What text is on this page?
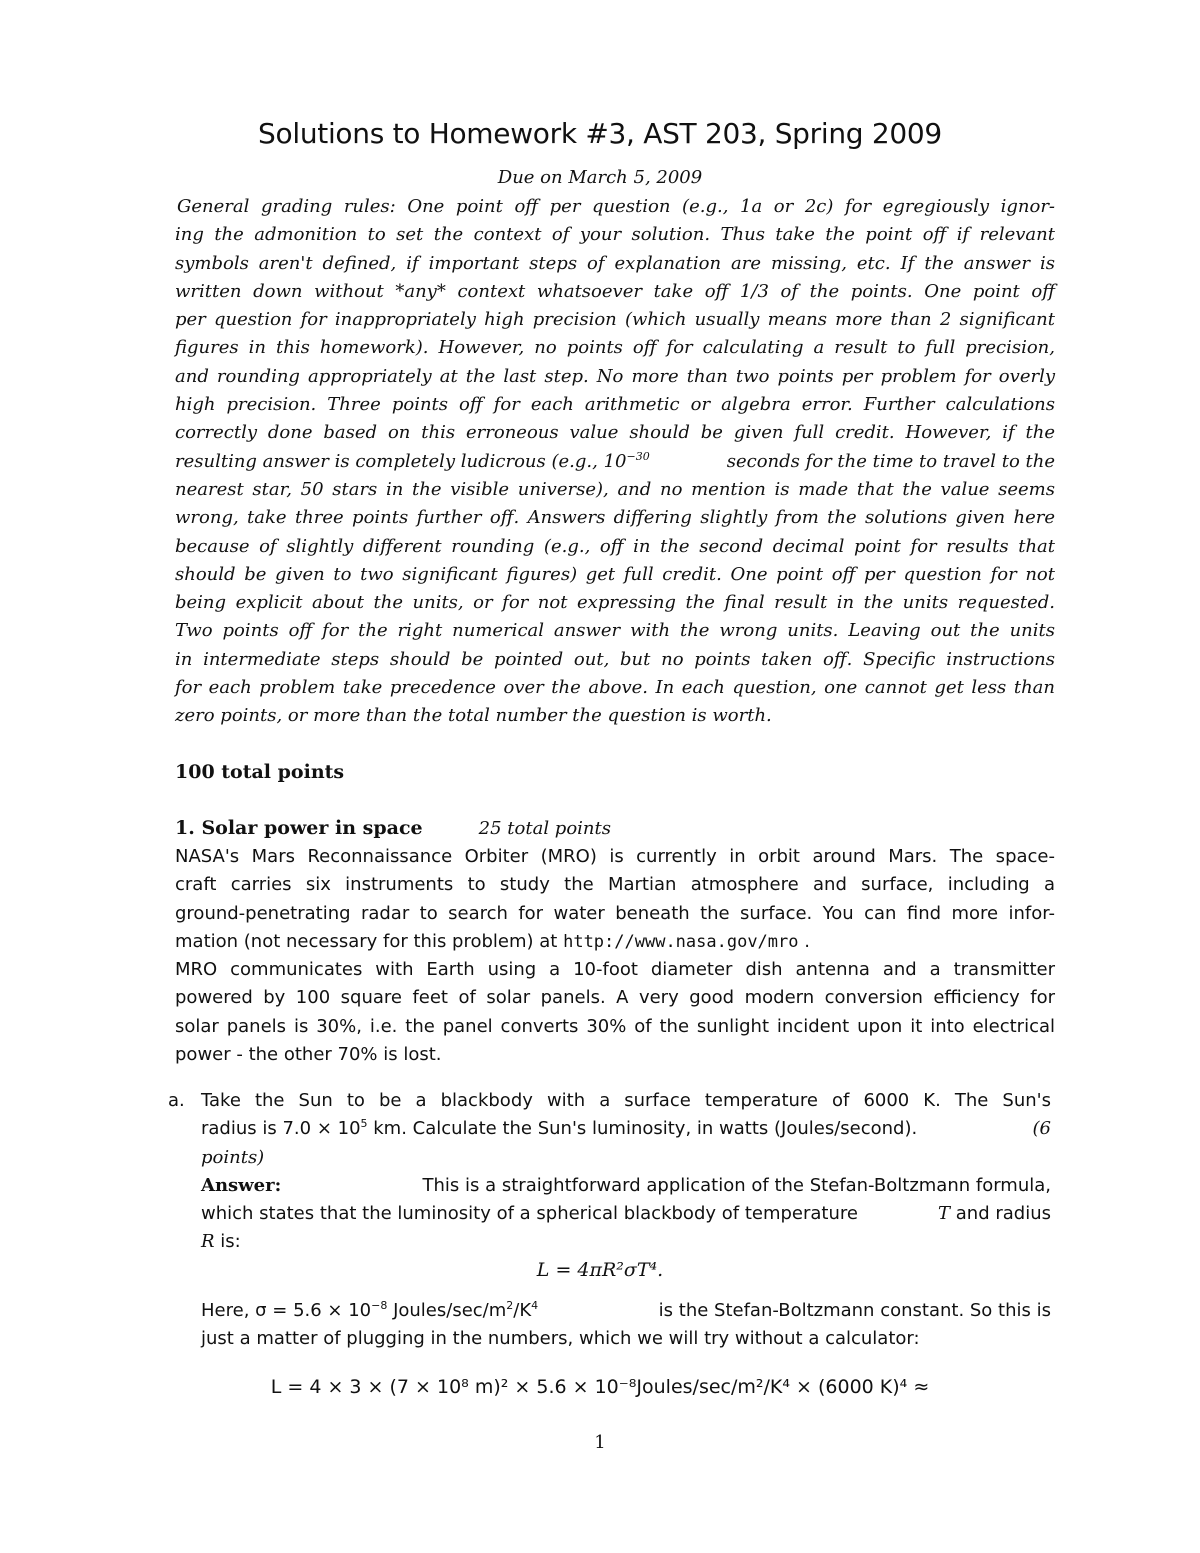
Solutions to Homework #3, AST 203, Spring 2009
Due on March 5, 2009
General grading rules: One point off per question (e.g., 1a or 2c) for egregiously ignor-
ing the admonition to set the context of your solution. Thus take the point off if relevant
symbols aren't defined, if important steps of explanation are missing, etc. If the answer is
written down without *any* context whatsoever take off 1/3 of the points. One point off
per question for inappropriately high precision (which usually means more than 2 significant
figures in this homework). However, no points off for calculating a result to full precision,
and rounding appropriately at the last step. No more than two points per problem for overly
high precision. Three points off for each arithmetic or algebra error. Further calculations
correctly done based on this erroneous value should be given full credit. However, if the
resulting answer is completely ludicrous (e.g., $10^{-30}$	seconds for the time to travel to the
nearest star, 50 stars in the visible universe), and no mention is made that the value seems
wrong, take three points further off. Answers differing slightly from the solutions given here
because of slightly different rounding (e.g., off in the second decimal point for results that
should be given to two significant figures) get full credit. One point off per question for not
being explicit about the units, or for not expressing the final result in the units requested.
Two points off for the right numerical answer with the wrong units. Leaving out the units
in intermediate steps should be pointed out, but no points taken off. Specific instructions
for each problem take precedence over the above. In each question, one cannot get less than
zero points, or more than the total number the question is worth.
100 total points
1. Solar power in space	25 total points
NASA's Mars Reconnaissance Orbiter (MRO) is currently in orbit around Mars. The space-
craft carries six instruments to study the Martian atmosphere and surface, including a
ground-penetrating radar to search for water beneath the surface. You can find more infor-
mation (not necessary for this problem) at http://www.nasa.gov/mro .
MRO communicates with Earth using a 10-foot diameter dish antenna and a transmitter
powered by 100 square feet of solar panels. A very good modern conversion efficiency for
solar panels is 30%, i.e. the panel converts 30% of the sunlight incident upon it into electrical
power - the other 70% is lost.
a. Take the Sun to be a blackbody with a surface temperature of 6000 K. The Sun's
radius is $7.0 \times 10^5$ km. Calculate the Sun's luminosity, in watts (Joules/second).	(6
points)
Answer:	This is a straightforward application of the Stefan-Boltzmann formula,
which states that the luminosity of a spherical blackbody of temperature	T and radius
R is:
L = 4πR²σT⁴.
Here, $\sigma = 5.6 \times 10^{-8}$ Joules/$\sec/m^2/K^4$	is the Stefan-Boltzmann constant. So this is
just a matter of plugging in the numbers, which we will try without a calculator:
L = 4 × 3 × (7 × 10⁸ m)² × 5.6 × 10⁻⁸Joules/sec/m²/K⁴ × (6000 K)⁴ ≈
1
